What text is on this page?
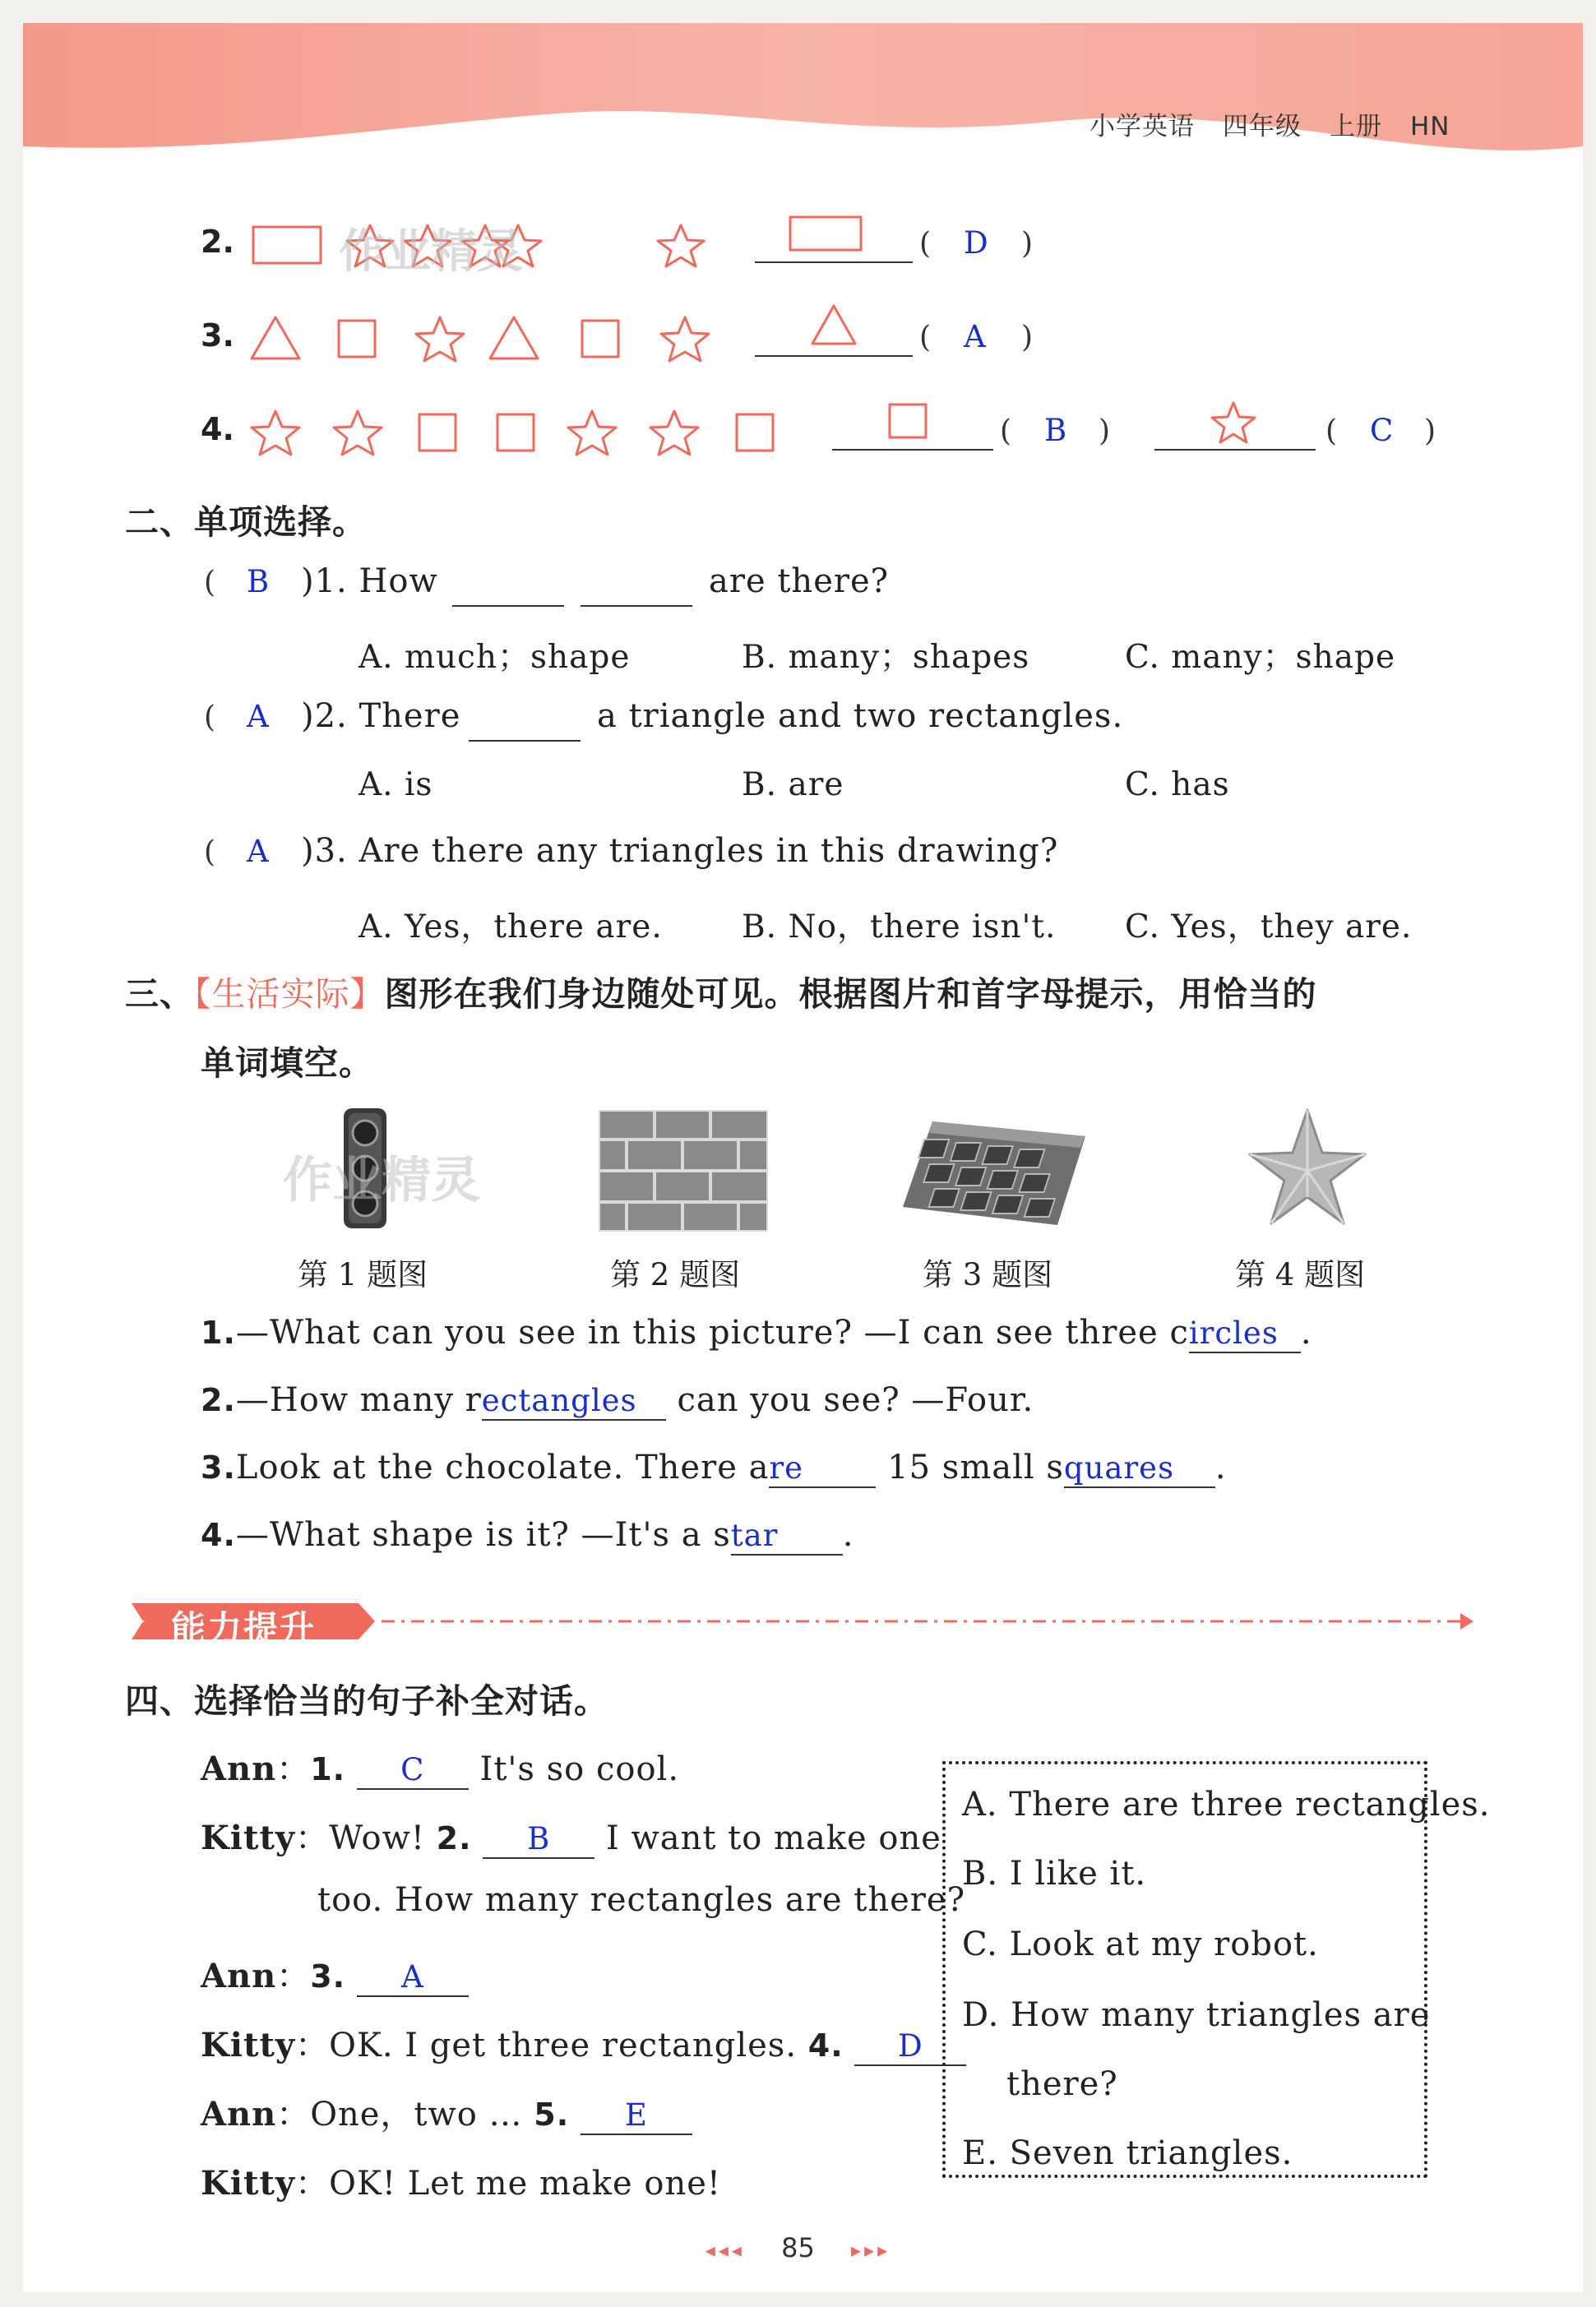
小学英语 四年级 上册 HN
2. 作业精灵	( D )
3.	( A )
4.	( B )	( C )
二、单项选择。
( B )1. How	are there?
A. much；shape	B. many；shapes	C. many；shape
( A )2. There	a triangle and two rectangles.
A. is	B. are	C. has
( A )3. Are there any triangles in this drawing?
A. Yes，there are. B. No，there isn't. C. Yes，they are.
三、【生活实际】图形在我们身边随处可见。根据图片和首字母提示，用恰当的
单词填空。
作业精灵
第 1 题图	第 2 题图	第 3 题图	第 4 题图
1.—What can you see in this picture? —I can see three circles .
2.—How many rectangles can you see? —Four.
3.Look at the chocolate. There are	15 small squares .
4.—What shape is it? —It's a star .
能力提升
四、选择恰当的句子补全对话。
Ann：1. C It's so cool.
Kitty：Wow! 2. B I want to make one
too. How many rectangles are there?
Ann：3. A
Kitty：OK. I get three rectangles. 4. D
Ann：One，two … 5. E
Kitty：OK! Let me make one!
A. There are three rectangles.
B. I like it.
C. Look at my robot.
D. How many triangles are
there?
E. Seven triangles.
◂◂◂ 85 ▸▸▸
